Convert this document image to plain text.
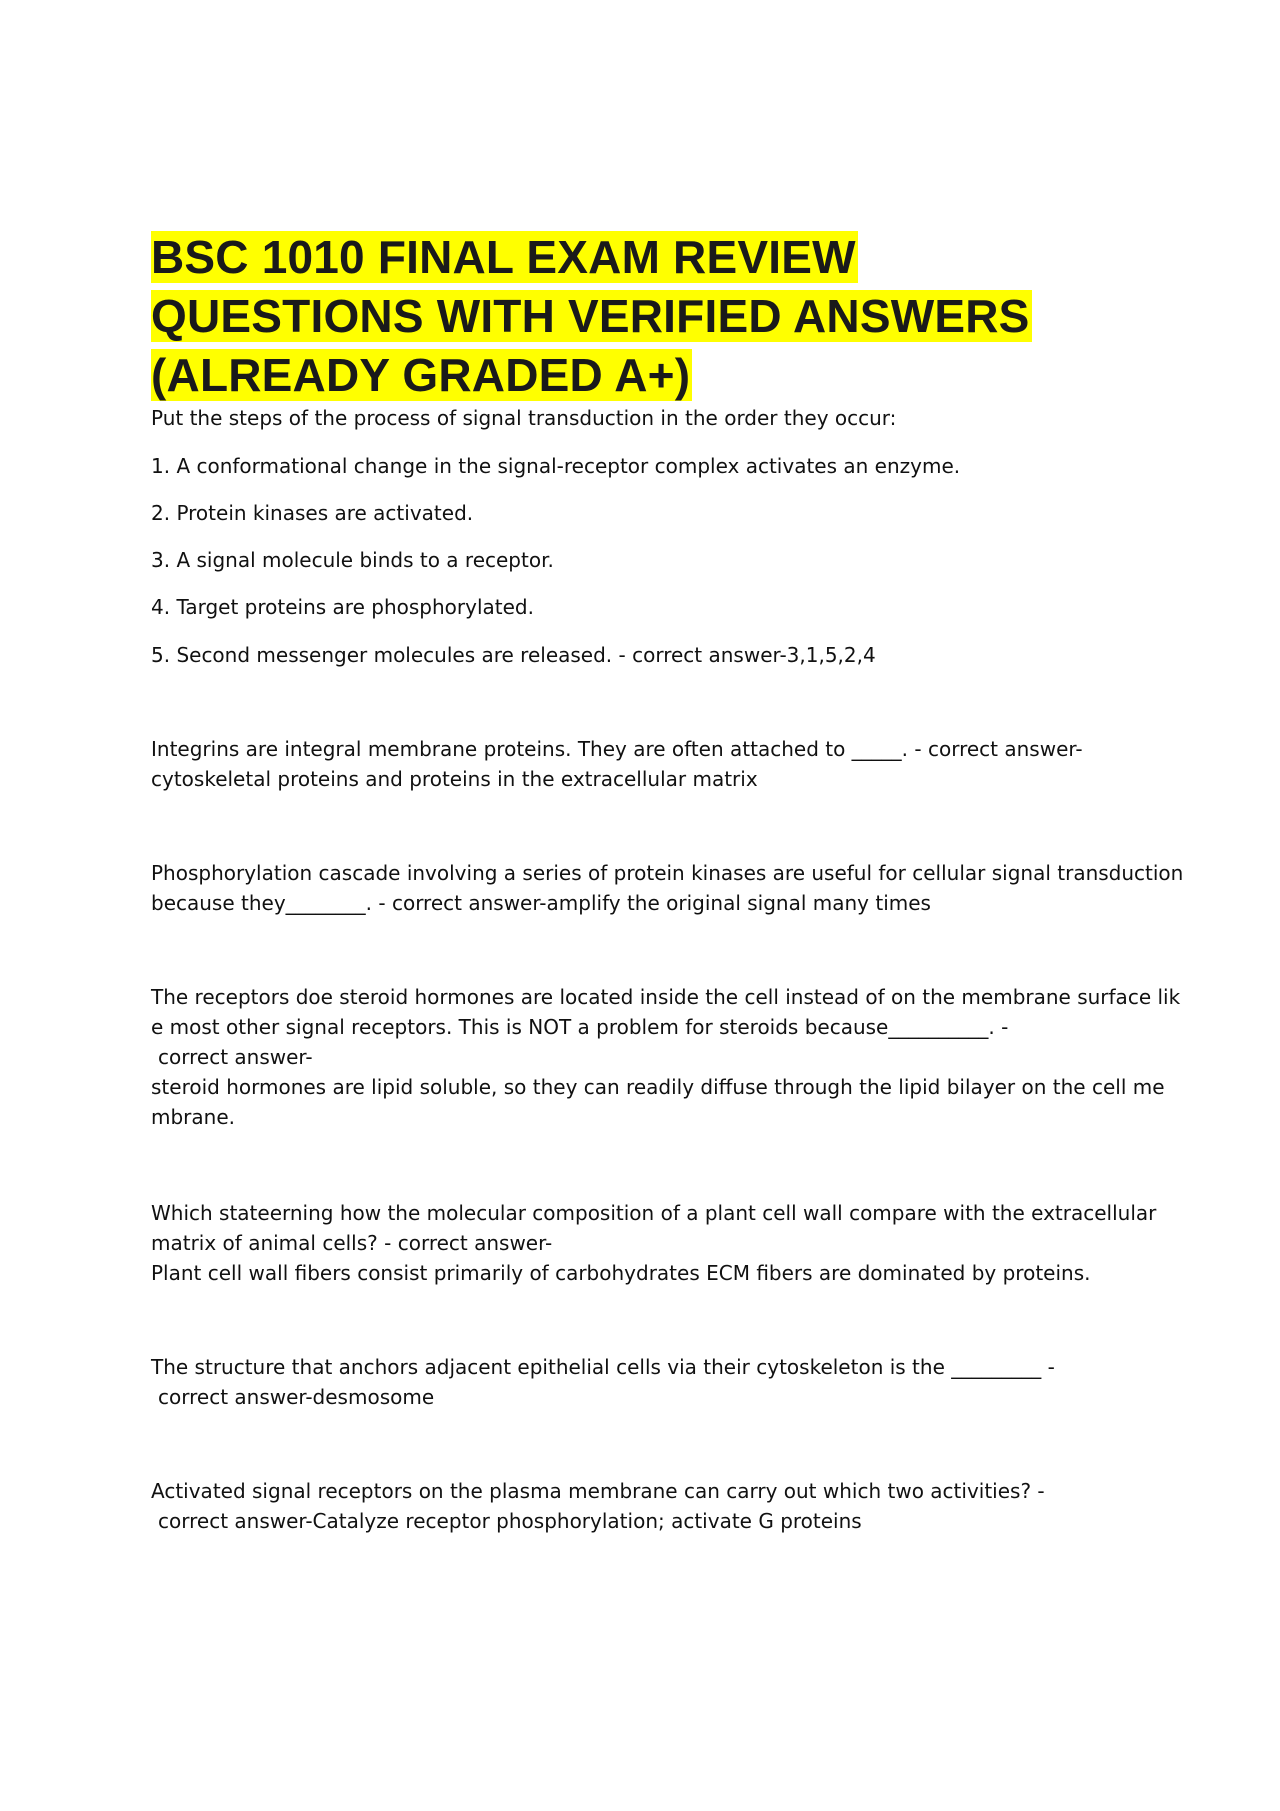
BSC 1010 FINAL EXAM REVIEW
QUESTIONS WITH VERIFIED ANSWERS
(ALREADY GRADED A+)
Put the steps of the process of signal transduction in the order they occur:
1. A conformational change in the signal-receptor complex activates an enzyme.
2. Protein kinases are activated.
3. A signal molecule binds to a receptor.
4. Target proteins are phosphorylated.
5. Second messenger molecules are released. - correct answer-3,1,5,2,4
Integrins are integral membrane proteins. They are often attached to _____. - correct answer-
cytoskeletal proteins and proteins in the extracellular matrix
Phosphorylation cascade involving a series of protein kinases are useful for cellular signal transduction
because they________. - correct answer-amplify the original signal many times
The receptors doe steroid hormones are located inside the cell instead of on the membrane surface lik
e most other signal receptors. This is NOT a problem for steroids because__________. -
correct answer-
steroid hormones are lipid soluble, so they can readily diffuse through the lipid bilayer on the cell me
mbrane.
Which stateerning how the molecular composition of a plant cell wall compare with the extracellular
matrix of animal cells? - correct answer-
Plant cell wall fibers consist primarily of carbohydrates ECM fibers are dominated by proteins.
The structure that anchors adjacent epithelial cells via their cytoskeleton is the _________ -
correct answer-desmosome
Activated signal receptors on the plasma membrane can carry out which two activities? -
correct answer-Catalyze receptor phosphorylation; activate G proteins
